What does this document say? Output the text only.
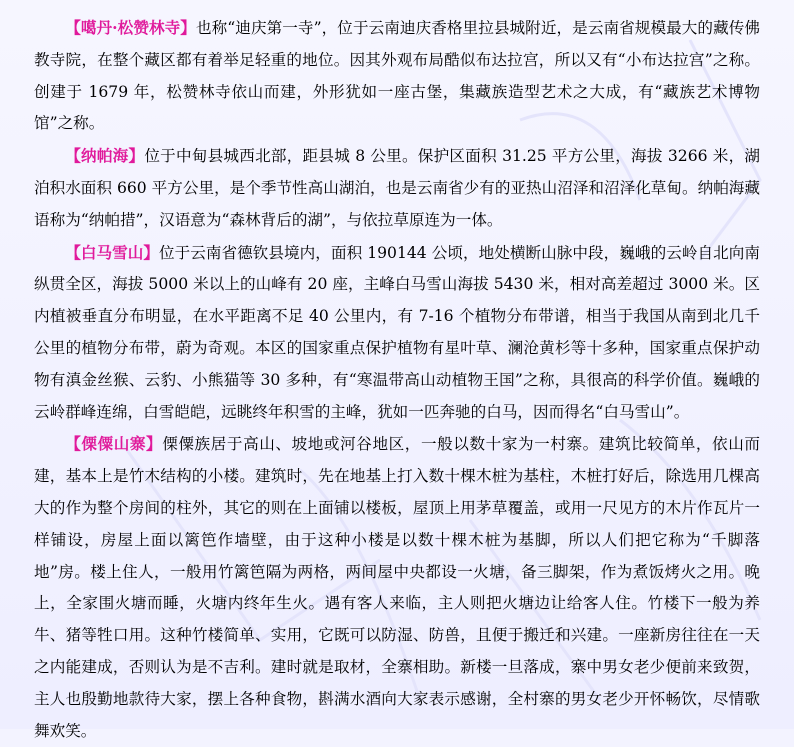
【噶丹·松赞林寺】也称“迪庆第一寺”，位于云南迪庆香格里拉县城附近，是云南省规模最大的藏传佛教寺院，在整个藏区都有着举足轻重的地位。因其外观布局酷似布达拉宫，所以又有“小布达拉宫”之称。创建于 1679 年，松赞林寺依山而建，外形犹如一座古堡，集藏族造型艺术之大成，有“藏族艺术博物馆”之称。

【纳帕海】位于中甸县城西北部，距县城 8 公里。保护区面积 31.25 平方公里，海拔 3266 米，湖泊积水面积 660 平方公里，是个季节性高山湖泊，也是云南省少有的亚热山沼泽和沼泽化草甸。纳帕海藏语称为“纳帕措”，汉语意为“森林背后的湖”，与依拉草原连为一体。

【白马雪山】位于云南省德钦县境内，面积 190144 公顷，地处横断山脉中段，巍峨的云岭自北向南纵贯全区，海拔 5000 米以上的山峰有 20 座，主峰白马雪山海拔 5430 米，相对高差超过 3000 米。区内植被垂直分布明显，在水平距离不足 40 公里内，有 7-16 个植物分布带谱，相当于我国从南到北几千公里的植物分布带，蔚为奇观。本区的国家重点保护植物有星叶草、澜沧黄杉等十多种，国家重点保护动物有滇金丝猴、云豹、小熊猫等 30 多种，有“寒温带高山动植物王国”之称，具很高的科学价值。巍峨的云岭群峰连绵，白雪皑皑，远眺终年积雪的主峰，犹如一匹奔驰的白马，因而得名“白马雪山”。

【傈僳山寨】傈僳族居于高山、坡地或河谷地区，一般以数十家为一村寨。建筑比较简单，依山而建，基本上是竹木结构的小楼。建筑时，先在地基上打入数十棵木桩为基柱，木桩打好后，除选用几棵高大的作为整个房间的柱外，其它的则在上面铺以楼板，屋顶上用茅草覆盖，或用一尺见方的木片作瓦片一样铺设，房屋上面以篱笆作墙壁，由于这种小楼是以数十棵木桩为基脚，所以人们把它称为“千脚落地”房。楼上住人，一般用竹篱笆隔为两格，两间屋中央都设一火塘，备三脚架，作为煮饭烤火之用。晚上，全家围火塘而睡，火塘内终年生火。遇有客人来临，主人则把火塘边让给客人住。竹楼下一般为养牛、猪等牲口用。这种竹楼简单、实用，它既可以防湿、防兽，且便于搬迁和兴建。一座新房往往在一天之内能建成，否则认为是不吉利。建时就是取材，全寨相助。新楼一旦落成，寨中男女老少便前来致贺，主人也殷勤地款待大家，摆上各种食物，斟满水酒向大家表示感谢，全村寨的男女老少开怀畅饮，尽情歌舞欢笑。
